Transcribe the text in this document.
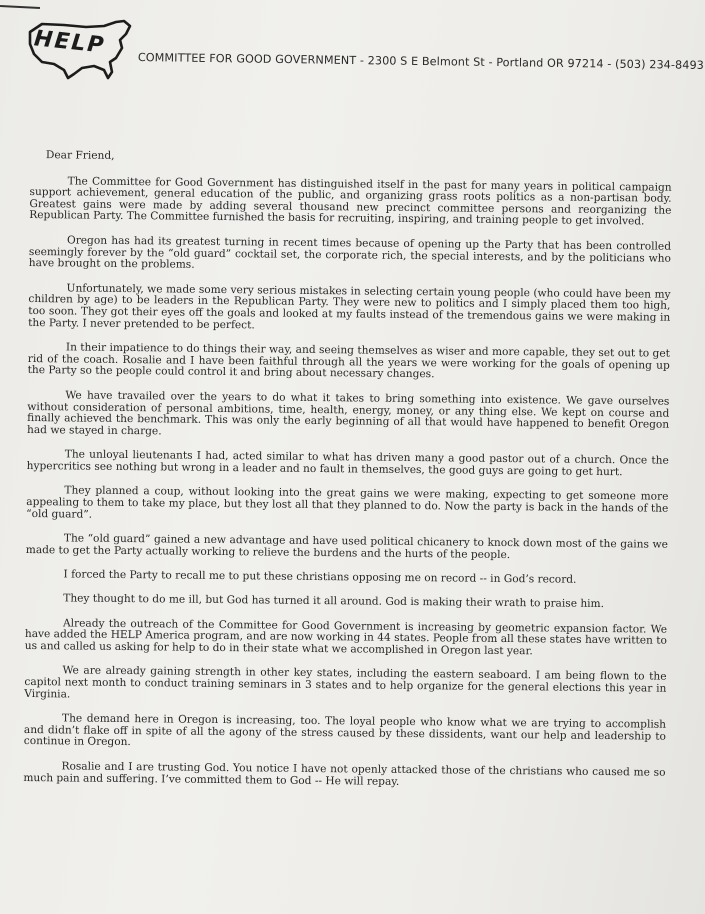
HELP
COMMITTEE FOR GOOD GOVERNMENT - 2300 S E Belmont St - Portland OR 97214 - (503) 234-8493
Dear Friend,

The Committee for Good Government has distinguished itself in the past for many years in political campaign support achievement, general education of the public, and organizing grass roots politics as a non-partisan body. Greatest gains were made by adding several thousand new precinct committee persons and reorganizing the Republican Party. The Committee furnished the basis for recruiting, inspiring, and training people to get involved.

Oregon has had its greatest turning in recent times because of opening up the Party that has been controlled seemingly forever by the “old guard” cocktail set, the corporate rich, the special interests, and by the politicians who have brought on the problems.

Unfortunately, we made some very serious mistakes in selecting certain young people (who could have been my children by age) to be leaders in the Republican Party. They were new to politics and I simply placed them too high, too soon. They got their eyes off the goals and looked at my faults instead of the tremendous gains we were making in the Party. I never pretended to be perfect.

In their impatience to do things their way, and seeing themselves as wiser and more capable, they set out to get rid of the coach. Rosalie and I have been faithful through all the years we were working for the goals of opening up the Party so the people could control it and bring about necessary changes.

We have travailed over the years to do what it takes to bring something into existence. We gave ourselves without consideration of personal ambitions, time, health, energy, money, or any thing else. We kept on course and finally achieved the benchmark. This was only the early beginning of all that would have happened to benefit Oregon had we stayed in charge.

The unloyal lieutenants I had, acted similar to what has driven many a good pastor out of a church. Once the hypercritics see nothing but wrong in a leader and no fault in themselves, the good guys are going to get hurt.

They planned a coup, without looking into the great gains we were making, expecting to get someone more appealing to them to take my place, but they lost all that they planned to do. Now the party is back in the hands of the “old guard”.

The “old guard” gained a new advantage and have used political chicanery to knock down most of the gains we made to get the Party actually working to relieve the burdens and the hurts of the people.

I forced the Party to recall me to put these christians opposing me on record -- in God’s record.

They thought to do me ill, but God has turned it all around. God is making their wrath to praise him.

Already the outreach of the Committee for Good Government is increasing by geometric expansion factor. We have added the HELP America program, and are now working in 44 states. People from all these states have written to us and called us asking for help to do in their state what we accomplished in Oregon last year.

We are already gaining strength in other key states, including the eastern seaboard. I am being flown to the capitol next month to conduct training seminars in 3 states and to help organize for the general elections this year in Virginia.

The demand here in Oregon is increasing, too. The loyal people who know what we are trying to accomplish and didn’t flake off in spite of all the agony of the stress caused by these dissidents, want our help and leadership to continue in Oregon.

Rosalie and I are trusting God. You notice I have not openly attacked those of the christians who caused me so much pain and suffering. I’ve committed them to God -- He will repay.
